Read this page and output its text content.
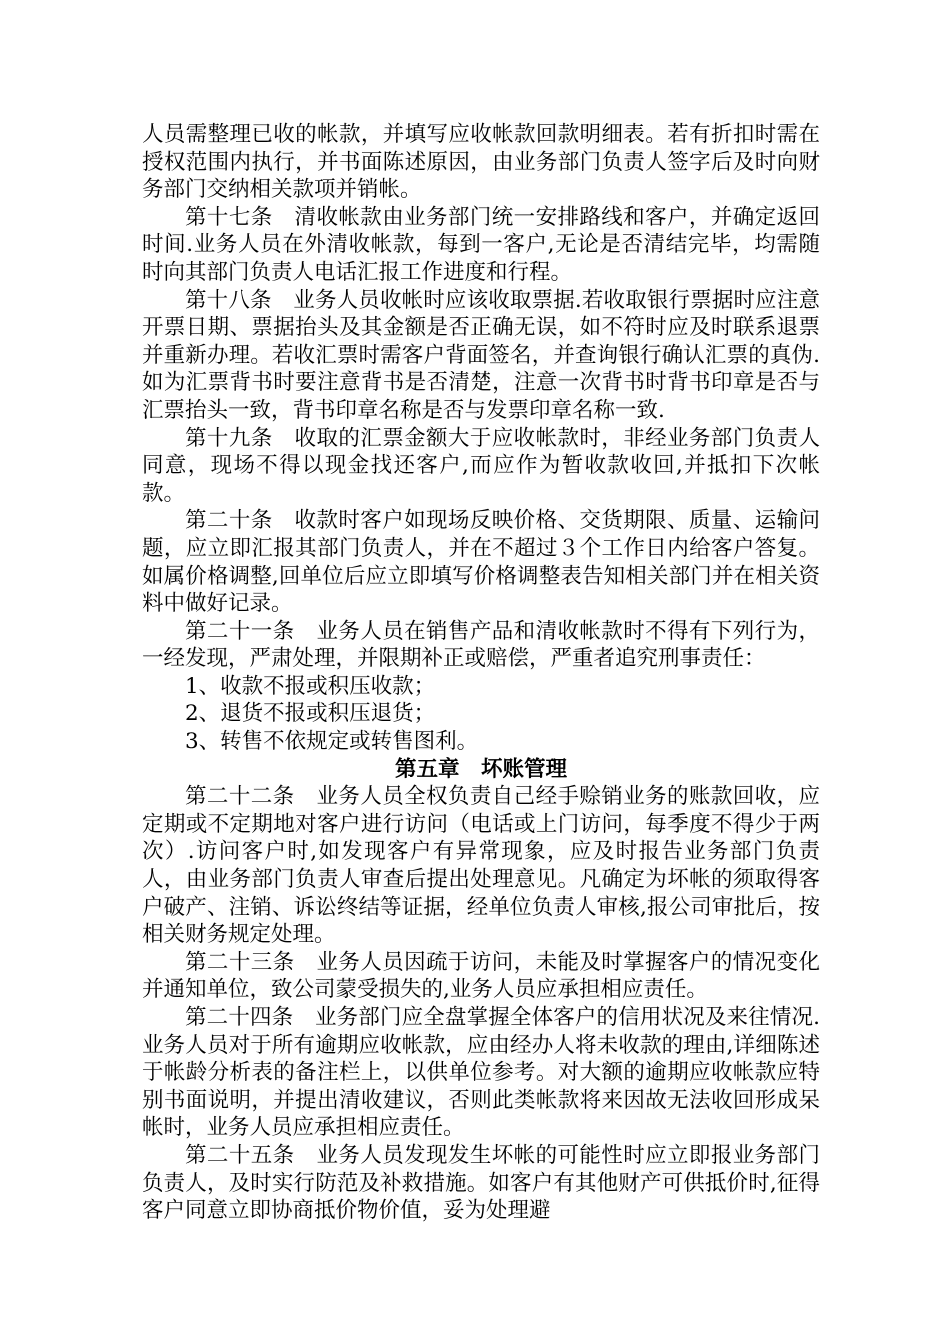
人员需整理已收的帐款，并填写应收帐款回款明细表。若有折扣时需在授权范围内执行，并书面陈述原因，由业务部门负责人签字后及时向财务部门交纳相关款项并销帐。

第十七条　清收帐款由业务部门统一安排路线和客户，并确定返回时间.业务人员在外清收帐款，每到一客户,无论是否清结完毕，均需随时向其部门负责人电话汇报工作进度和行程。

第十八条　业务人员收帐时应该收取票据.若收取银行票据时应注意开票日期、票据抬头及其金额是否正确无误，如不符时应及时联系退票并重新办理。若收汇票时需客户背面签名，并查询银行确认汇票的真伪.如为汇票背书时要注意背书是否清楚，注意一次背书时背书印章是否与汇票抬头一致，背书印章名称是否与发票印章名称一致.

第十九条　收取的汇票金额大于应收帐款时，非经业务部门负责人同意，现场不得以现金找还客户,而应作为暂收款收回,并抵扣下次帐款。

第二十条　收款时客户如现场反映价格、交货期限、质量、运输问题，应立即汇报其部门负责人，并在不超过３个工作日内给客户答复。如属价格调整,回单位后应立即填写价格调整表告知相关部门并在相关资料中做好记录。

第二十一条　业务人员在销售产品和清收帐款时不得有下列行为，一经发现，严肃处理，并限期补正或赔偿，严重者追究刑事责任：

1、收款不报或积压收款；

2、退货不报或积压退货；

3、转售不依规定或转售图利。

第五章　坏账管理

第二十二条　业务人员全权负责自己经手赊销业务的账款回收，应定期或不定期地对客户进行访问（电话或上门访问，每季度不得少于两次）.访问客户时,如发现客户有异常现象，应及时报告业务部门负责人，由业务部门负责人审查后提出处理意见。凡确定为坏帐的须取得客户破产、注销、诉讼终结等证据，经单位负责人审核,报公司审批后，按相关财务规定处理。

第二十三条　业务人员因疏于访问，未能及时掌握客户的情况变化并通知单位，致公司蒙受损失的,业务人员应承担相应责任。

第二十四条　业务部门应全盘掌握全体客户的信用状况及来往情况.业务人员对于所有逾期应收帐款，应由经办人将未收款的理由,详细陈述于帐龄分析表的备注栏上，以供单位参考。对大额的逾期应收帐款应特别书面说明，并提出清收建议，否则此类帐款将来因故无法收回形成呆帐时，业务人员应承担相应责任。

第二十五条　业务人员发现发生坏帐的可能性时应立即报业务部门负责人，及时实行防范及补救措施。如客户有其他财产可供抵价时,征得客户同意立即协商抵价物价值，妥为处理避
